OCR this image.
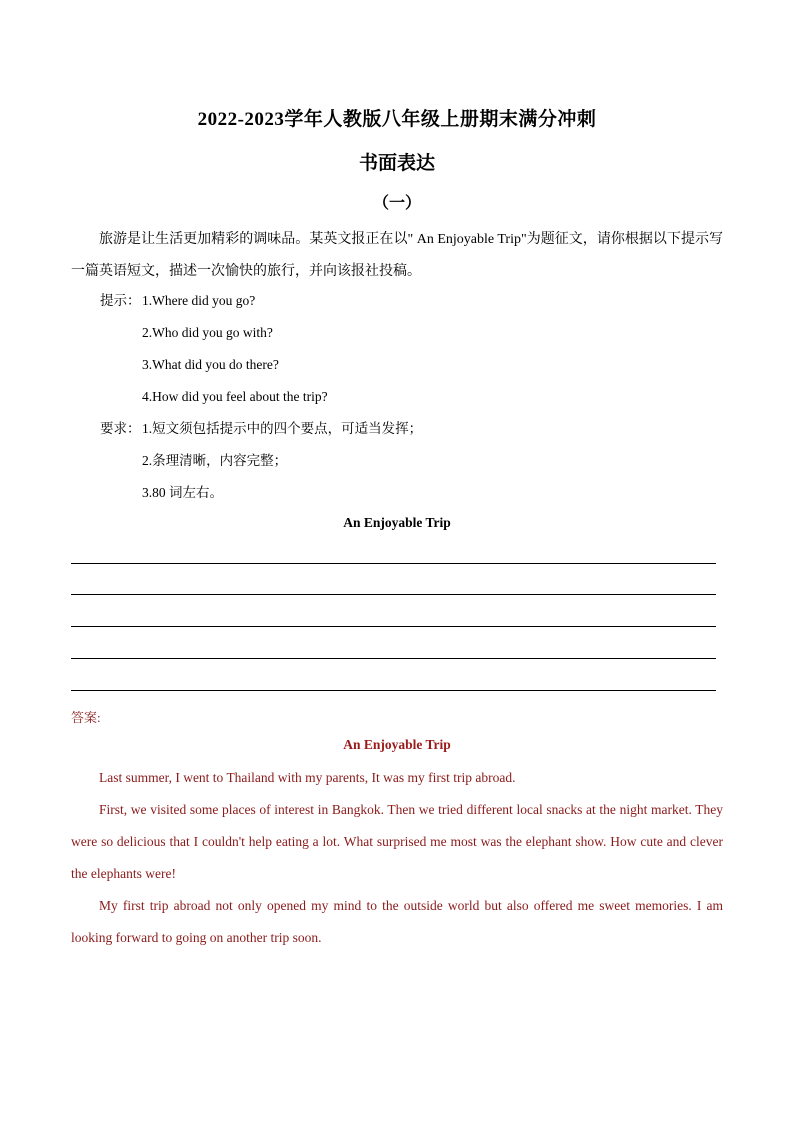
2022-2023学年人教版八年级上册期末满分冲刺
书面表达
（一）
旅游是让生活更加精彩的调味品。某英文报正在以" An Enjoyable Trip"为题征文，请你根据以下提示写一篇英语短文，描述一次愉快的旅行，并向该报社投稿。
提示： 1.Where did you go?
2.Who did you go with?
3.What did you do there?
4.How did you feel about the trip?
要求： 1.短文须包括提示中的四个要点，可适当发挥；
2.条理清晰，内容完整；
3.80 词左右。
An Enjoyable Trip
答案:
An Enjoyable Trip
Last summer, I went to Thailand with my parents, It was my first trip abroad.
First, we visited some places of interest in Bangkok. Then we tried different local snacks at the night market. They were so delicious that I couldn't help eating a lot. What surprised me most was the elephant show. How cute and clever the elephants were!
My first trip abroad not only opened my mind to the outside world but also offered me sweet memories. I am looking forward to going on another trip soon.
